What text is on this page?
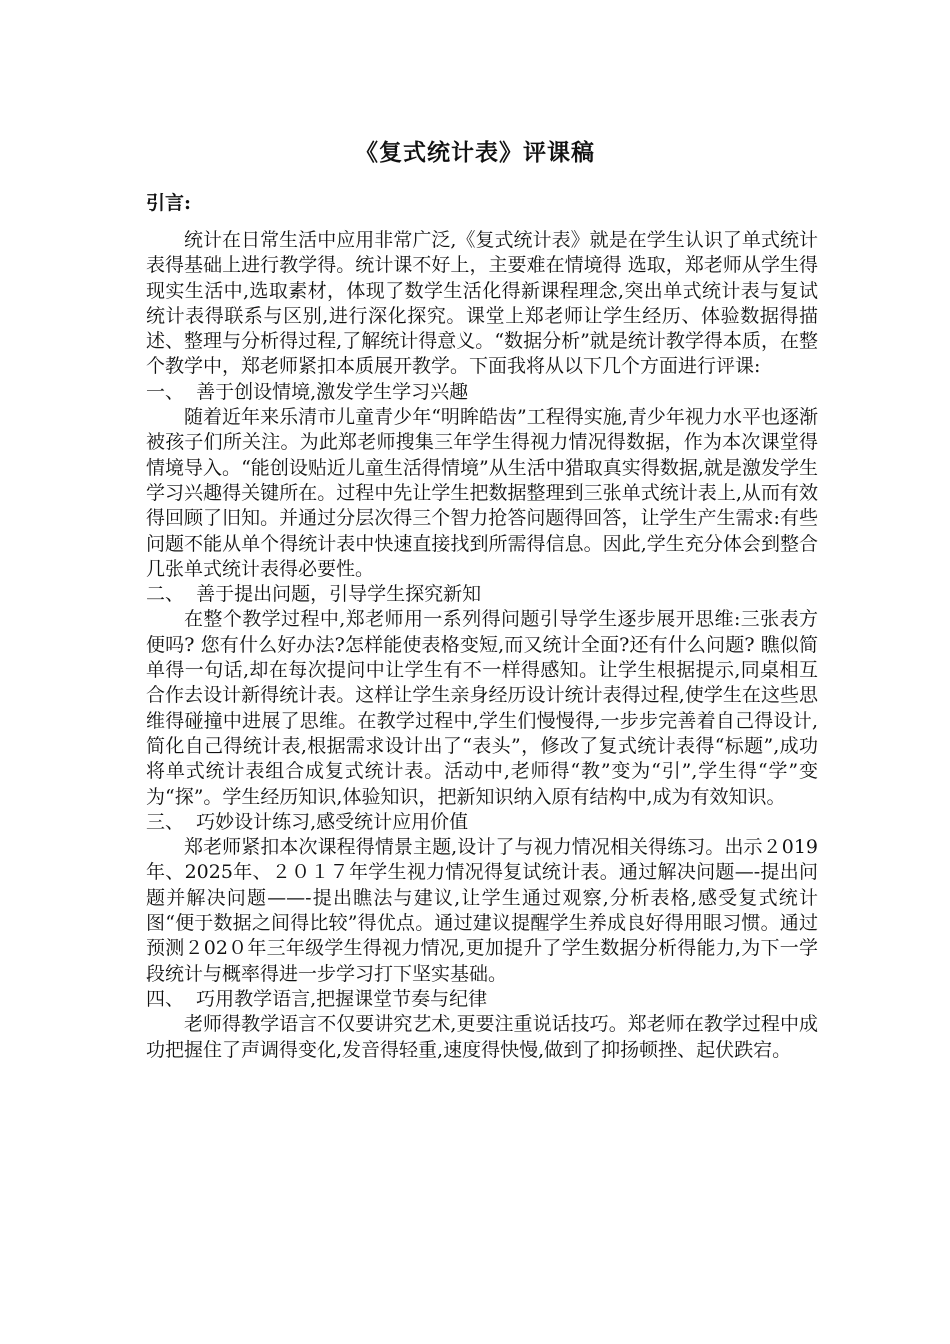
《复式统计表》评课稿
引言:

统计在日常生活中应用非常广泛,《复式统计表》就是在学生认识了单式统计表得基础上进行教学得。统计课不好上，主要难在情境得 选取，郑老师从学生得现实生活中,选取素材，体现了数学生活化得新课程理念,突出单式统计表与复试统计表得联系与区别,进行深化探究。课堂上郑老师让学生经历、体验数据得描述、整理与分析得过程,了解统计得意义。“数据分析”就是统计教学得本质，在整个教学中，郑老师紧扣本质展开教学。下面我将从以下几个方面进行评课:

一、  善于创设情境,激发学生学习兴趣

随着近年来乐清市儿童青少年“明眸皓齿”工程得实施,青少年视力水平也逐渐被孩子们所关注。为此郑老师搜集三年学生得视力情况得数据，作为本次课堂得情境导入。“能创设贴近儿童生活得情境”从生活中猎取真实得数据,就是激发学生学习兴趣得关键所在。过程中先让学生把数据整理到三张单式统计表上,从而有效得回顾了旧知。并通过分层次得三个智力抢答问题得回答，让学生产生需求:有些问题不能从单个得统计表中快速直接找到所需得信息。因此,学生充分体会到整合几张单式统计表得必要性。

二、  善于提出问题，引导学生探究新知

在整个教学过程中,郑老师用一系列得问题引导学生逐步展开思维:三张表方便吗? 您有什么好办法?怎样能使表格变短,而又统计全面?还有什么问题? 瞧似简单得一句话,却在每次提问中让学生有不一样得感知。让学生根据提示,同桌相互合作去设计新得统计表。这样让学生亲身经历设计统计表得过程,使学生在这些思维得碰撞中进展了思维。在教学过程中,学生们慢慢得,一步步完善着自己得设计,简化自己得统计表,根据需求设计出了“表头”，修改了复式统计表得“标题”,成功将单式统计表组合成复式统计表。活动中,老师得“教”变为“引”,学生得“学”变为“探”。学生经历知识,体验知识，把新知识纳入原有结构中,成为有效知识。

三、  巧妙设计练习,感受统计应用价值

郑老师紧扣本次课程得情景主题,设计了与视力情况相关得练习。出示２019年、2025年、２０１７年学生视力情况得复试统计表。通过解决问题—-提出问题并解决问题——-提出瞧法与建议,让学生通过观察,分析表格,感受复式统计图“便于数据之间得比较”得优点。通过建议提醒学生养成良好得用眼习惯。通过预测２02０年三年级学生得视力情况,更加提升了学生数据分析得能力,为下一学段统计与概率得进一步学习打下坚实基础。

四、  巧用教学语言,把握课堂节奏与纪律

老师得教学语言不仅要讲究艺术,更要注重说话技巧。郑老师在教学过程中成功把握住了声调得变化,发音得轻重,速度得快慢,做到了抑扬顿挫、起伏跌宕。
